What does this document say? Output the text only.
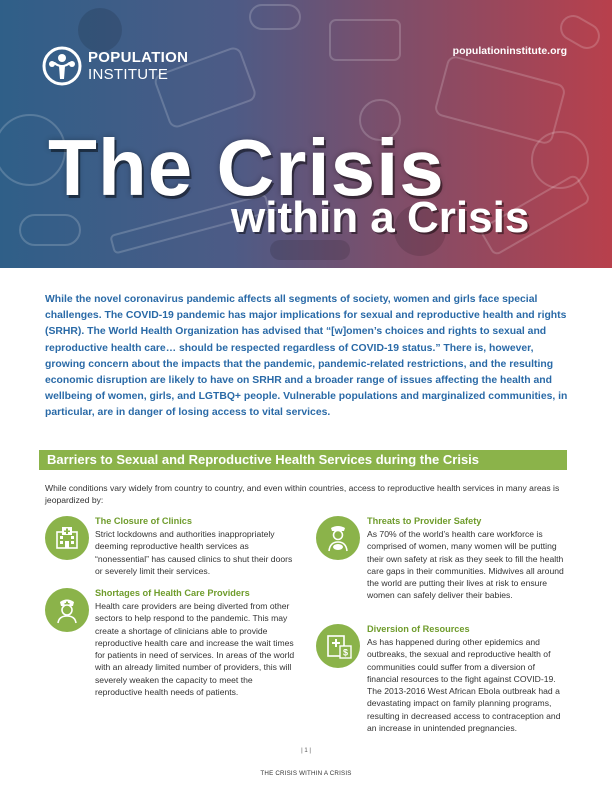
POPULATION
INSTITUTE
populationinstitute.org
The Crisis
within a Crisis

While the novel coronavirus pandemic affects all segments of society, women and girls face special challenges. The COVID-19 pandemic has major implications for sexual and reproductive health and rights (SRHR). The World Health Organization has advised that “[w]omen’s choices and rights to sexual and reproductive health care… should be respected regardless of COVID-19 status.” There is, however, growing concern about the impacts that the pandemic, pandemic-related restrictions, and the resulting economic disruption are likely to have on SRHR and a broader range of issues affecting the health and wellbeing of women, girls, and LGTBQ+ people. Vulnerable populations and marginalized communities, in particular, are in danger of losing access to vital services.

Barriers to Sexual and Reproductive Health Services during the Crisis

While conditions vary widely from country to country, and even within countries, access to reproductive health services in many areas is jeopardized by:

The Closure of Clinics

Strict lockdowns and authorities inappropriately deeming reproductive health services as “nonessential” has caused clinics to shut their doors or severely limit their services.

Shortages of Health Care Providers

Health care providers are being diverted from other sectors to help respond to the pandemic. This may create a shortage of clinicians able to provide reproductive health care and increase the wait times for patients in need of services. In areas of the world with an already limited number of providers, this will severely weaken the capacity to meet the reproductive health needs of patients.

Threats to Provider Safety

As 70% of the world’s health care workforce is comprised of women, many women will be putting their own safety at risk as they seek to fill the health care gaps in their communities. Midwives all around the world are putting their lives at risk to ensure women can safely deliver their babies.

$
Diversion of Resources

As has happened during other epidemics and outbreaks, the sexual and reproductive health of communities could suffer from a diversion of financial resources to the fight against COVID-19. The 2013-2016 West African Ebola outbreak had a devastating impact on family planning programs, resulting in decreased access to contraception and an increase in unintended pregnancies.

| 1 |
THE CRISIS WITHIN A CRISIS
